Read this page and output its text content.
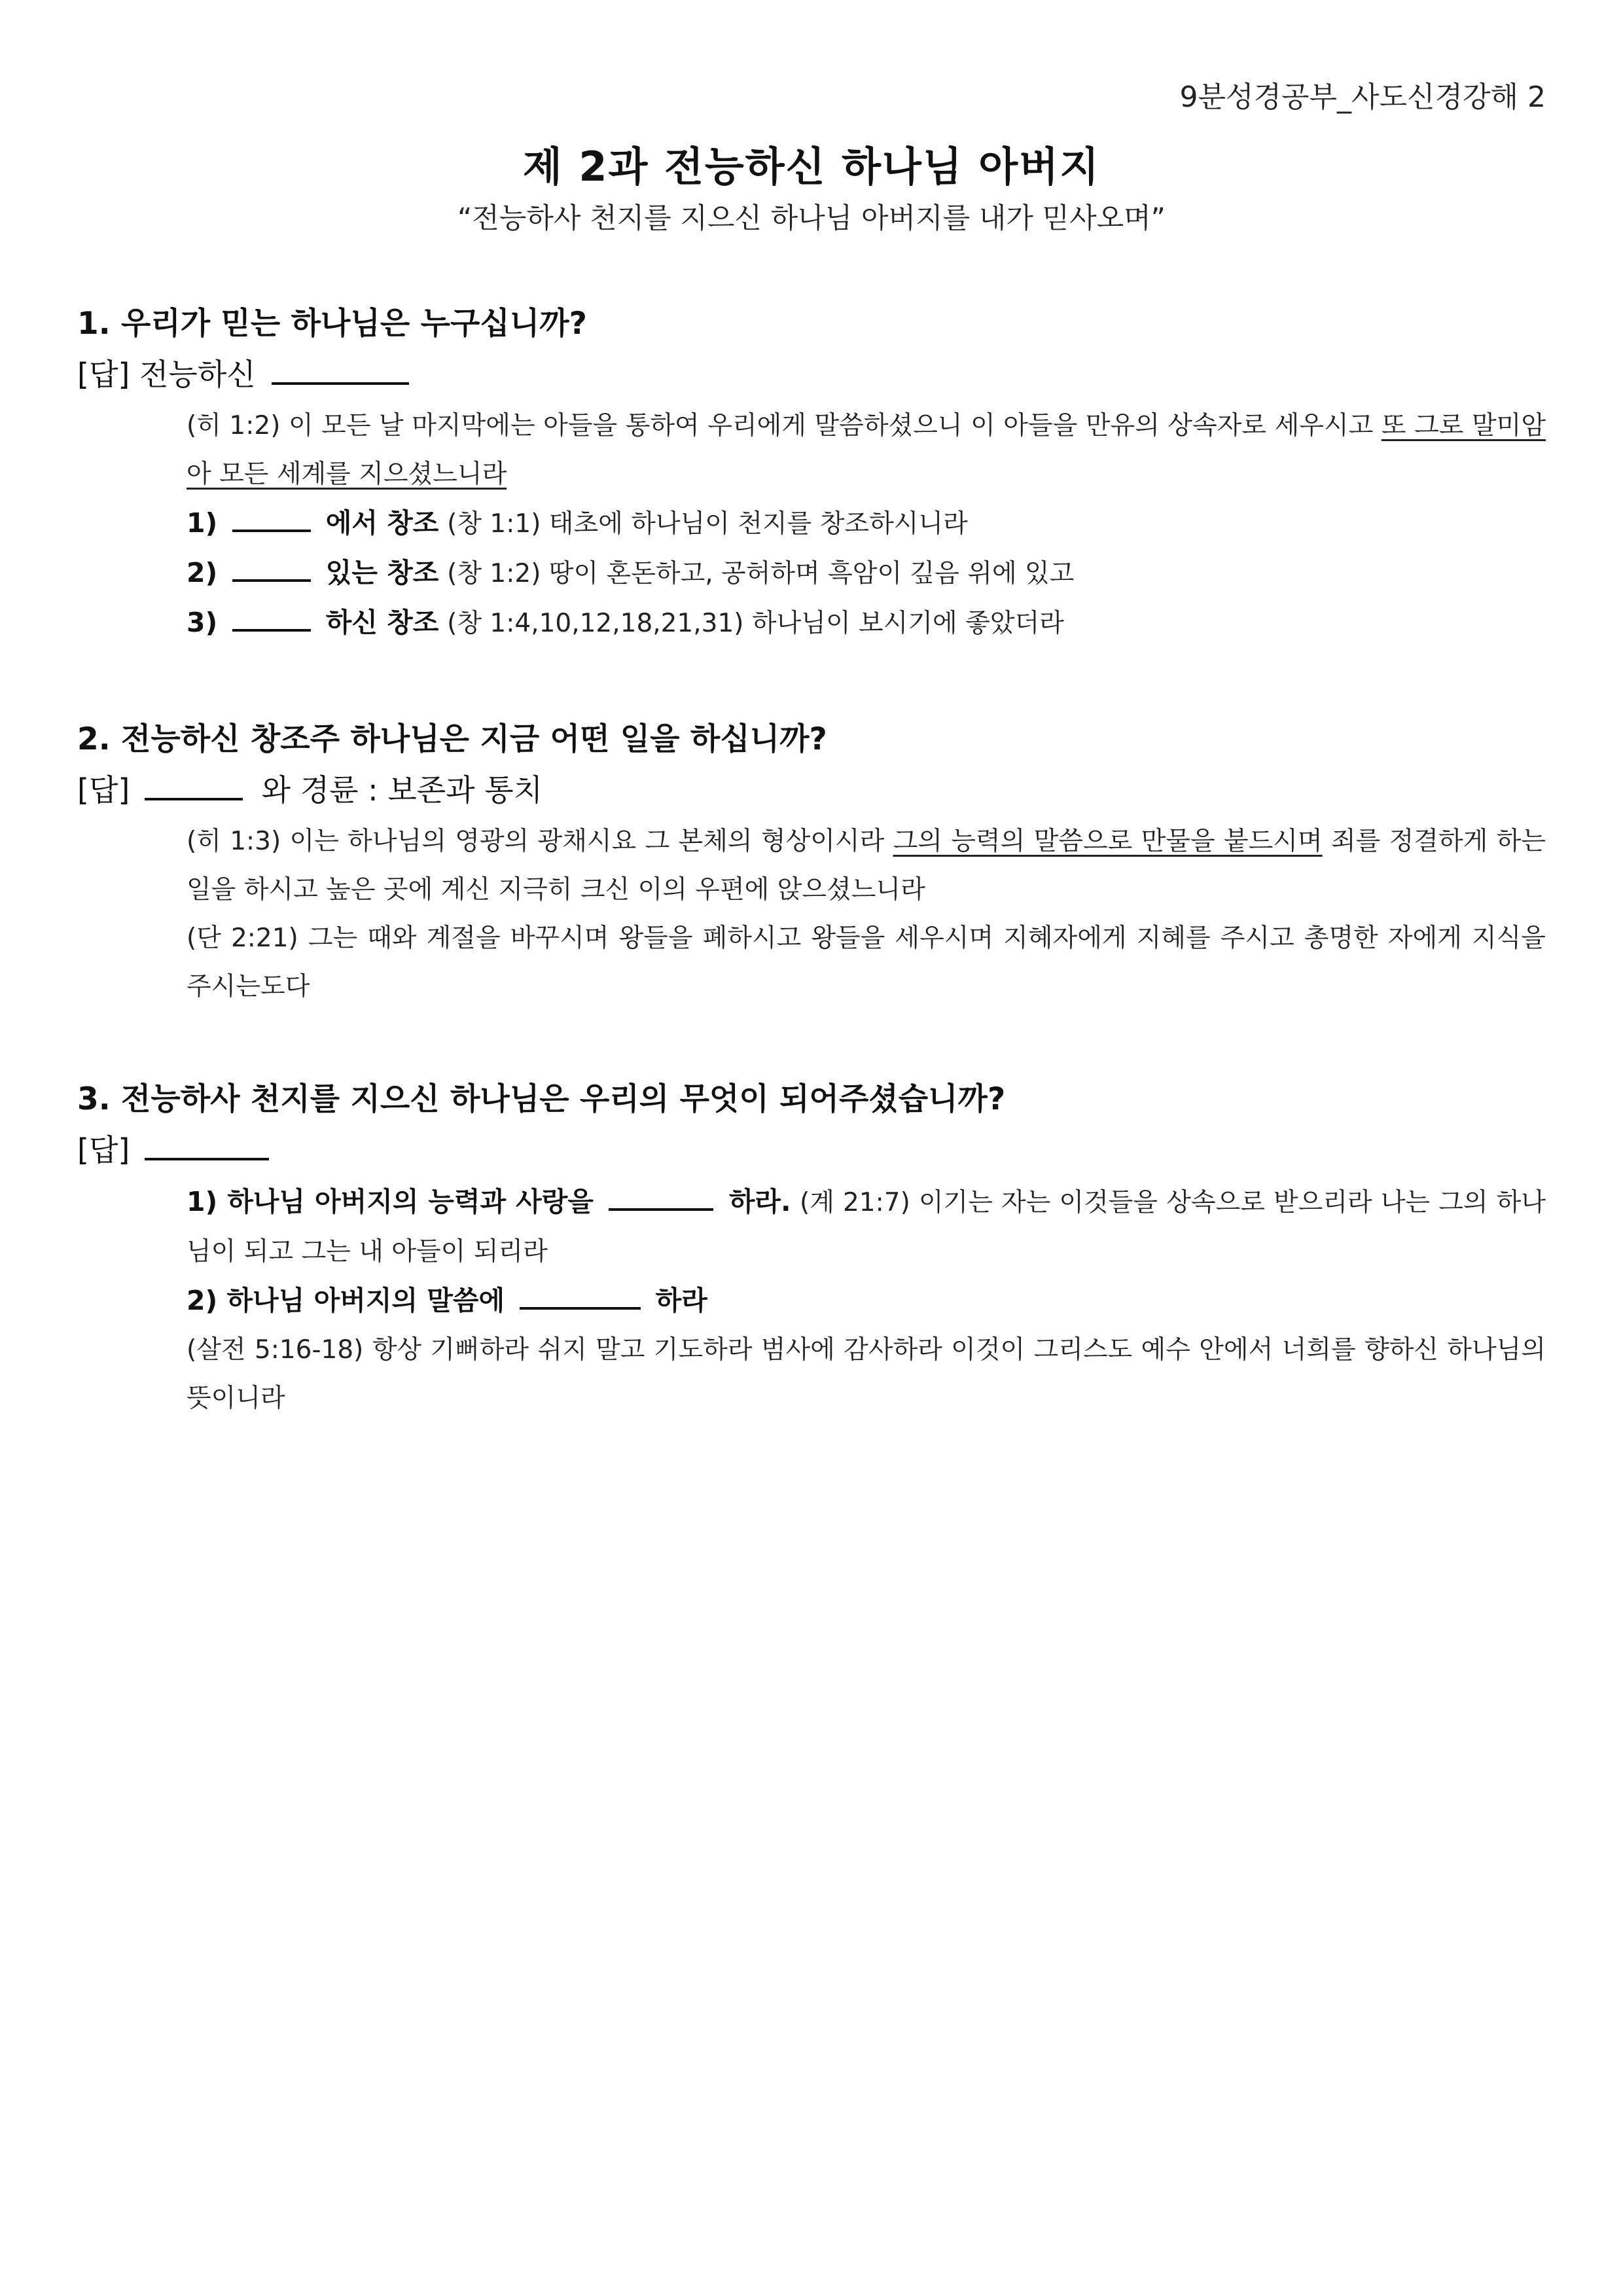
9분성경공부_사도신경강해 2
제 2과 전능하신 하나님 아버지
“전능하사 천지를 지으신 하나님 아버지를 내가 믿사오며”

1. 우리가 믿는 하나님은 누구십니까?

[답] 전능하신

(히 1:2) 이 모든 날 마지막에는 아들을 통하여 우리에게 말씀하셨으니 이 아들을 만유의 상속자로 세우시고 또 그로 말미암아 모든 세계를 지으셨느니라

1)	에서 창조 (창 1:1) 태초에 하나님이 천지를 창조하시니라

2)	있는 창조 (창 1:2) 땅이 혼돈하고, 공허하며 흑암이 깊음 위에 있고

3)	하신 창조 (창 1:4,10,12,18,21,31) 하나님이 보시기에 좋았더라

2. 전능하신 창조주 하나님은 지금 어떤 일을 하십니까?

[답]	와 경륜 : 보존과 통치

(히 1:3) 이는 하나님의 영광의 광채시요 그 본체의 형상이시라 그의 능력의 말씀으로 만물을 붙드시며 죄를 정결하게 하는 일을 하시고 높은 곳에 계신 지극히 크신 이의 우편에 앉으셨느니라

(단 2:21) 그는 때와 계절을 바꾸시며 왕들을 폐하시고 왕들을 세우시며 지혜자에게 지혜를 주시고 총명한 자에게 지식을 주시는도다

3. 전능하사 천지를 지으신 하나님은 우리의 무엇이 되어주셨습니까?

[답]

1) 하나님 아버지의 능력과 사랑을	하라. (계 21:7) 이기는 자는 이것들을 상속으로 받으리라 나는 그의 하나님이 되고 그는 내 아들이 되리라

2) 하나님 아버지의 말씀에	하라

(살전 5:16-18) 항상 기뻐하라 쉬지 말고 기도하라 범사에 감사하라 이것이 그리스도 예수 안에서 너희를 향하신 하나님의 뜻이니라
